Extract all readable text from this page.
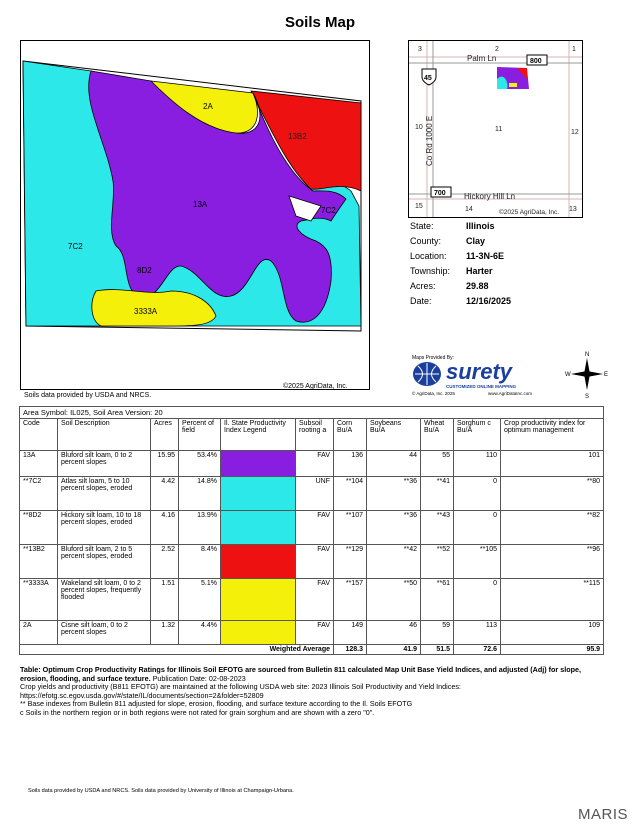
Soils Map
2A
13B2
13A
7C2
7C2
8D2
3333A
©2025 AgriData, Inc.
Soils data provided by USDA and NRCS.
3	2	1
10	11	12
15	14	13
Palm Ln
Hickory Hill Ln
Co Rd 1000 E
©2025 AgriData, Inc.
45
800
700
State:	Illinois
County:	Clay
Location: 11-3N-6E
Township: Harter
Acres:	29.88
Date:	12/16/2025
Maps Provided By:
surety
CUSTOMIZED ONLINE MAPPING
© AgriData, Inc. 2025	www.AgriDataInc.com
N
E
S
W
Area Symbol: IL025, Soil Area Version: 20										
Code	Soil Description	Acres	Percent of field	Il. State Productivity Index Legend	Subsoil rooting a	Corn Bu/A	Soybeans Bu/A	Wheat Bu/A	Sorghum c Bu/A	Crop productivity index for optimum management
13A	Bluford silt loam, 0 to 2 percent slopes	15.95	53.4%		FAV	136	44	55	110	101
**7C2	Atlas silt loam, 5 to 10 percent slopes, eroded	4.42	14.8%		UNF	**104	**36	**41	0	**80
**8D2	Hickory silt loam, 10 to 18 percent slopes, eroded	4.16	13.9%		FAV	**107	**36	**43	0	**82
**13B2	Bluford silt loam, 2 to 5 percent slopes, eroded	2.52	8.4%		FAV	**129	**42	**52	**105	**96
**3333A	Wakeland silt loam, 0 to 2 percent slopes, frequently flooded	1.51	5.1%		FAV	**157	**50	**61	0	**115
2A	Cisne silt loam, 0 to 2 percent slopes	1.32	4.4%		FAV	149	46	59	113	109
Weighted Average						128.3	41.9	51.5	72.6	95.9
Table: Optimum Crop Productivity Ratings for Illinois Soil EFOTG are sourced from Bulletin 811 calculated Map Unit Base Yield Indices, and adjusted (Adj) for slope, erosion, flooding, and surface texture. Publication Date: 02-08-2023
Crop yields and productivity (B811 EFOTG) are maintained at the following USDA web site: 2023 Illinois Soil Productivity and Yield Indices:
https://efotg.sc.egov.usda.gov/#/state/IL/documents/section=2&folder=52809
** Base indexes from Bulletin 811 adjusted for slope, erosion, flooding, and surface texture according to the Il. Soils EFOTG
c Soils in the northern region or in both regions were not rated for grain sorghum and are shown with a zero "0".
Soils data provided by USDA and NRCS. Soils data provided by University of Illinois at Champaign-Urbana.
MARIS
